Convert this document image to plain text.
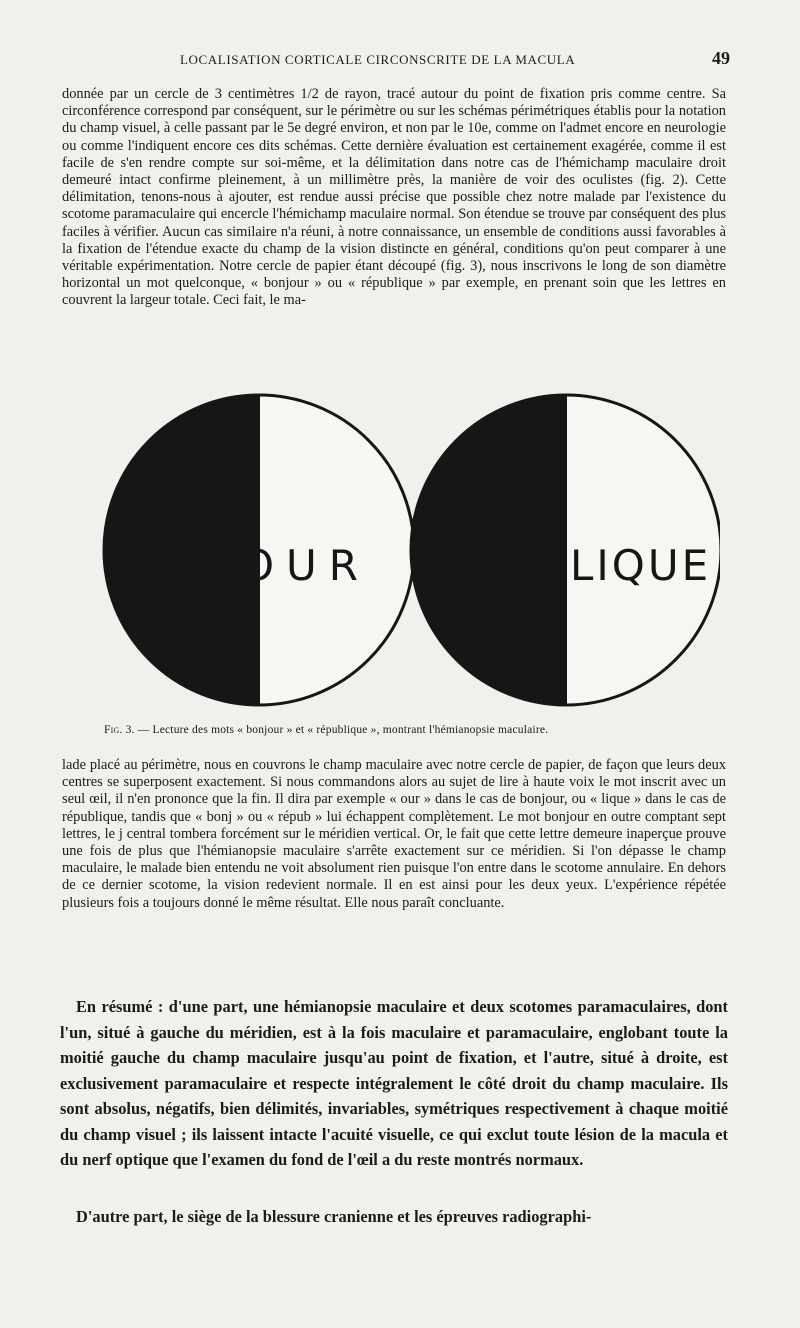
LOCALISATION CORTICALE CIRCONSCRITE DE LA MACULA	49

donnée par un cercle de 3 centimètres 1/2 de rayon, tracé autour du point de fixation pris comme centre. Sa circonférence correspond par conséquent, sur le périmètre ou sur les schémas périmétriques établis pour la notation du champ visuel, à celle passant par le 5e degré environ, et non par le 10e, comme on l'admet encore en neurologie ou comme l'indiquent encore ces dits schémas. Cette dernière évaluation est certainement exagérée, comme il est facile de s'en rendre compte sur soi-même, et la délimitation dans notre cas de l'hémichamp maculaire droit demeuré intact confirme pleinement, à un millimètre près, la manière de voir des oculistes (fig. 2). Cette délimitation, tenons-nous à ajouter, est rendue aussi précise que possible chez notre malade par l'existence du scotome paramaculaire qui encercle l'hémichamp maculaire normal. Son étendue se trouve par conséquent des plus faciles à vérifier. Aucun cas similaire n'a réuni, à notre connaissance, un ensemble de conditions aussi favorables à la fixation de l'étendue exacte du champ de la vision distincte en général, conditions qu'on peut comparer à une véritable expérimentation. Notre cercle de papier étant découpé (fig. 3), nous inscrivons le long de son diamètre horizontal un mot quelconque, « bonjour » ou « république » par exemple, en prenant soin que les lettres en couvrent la largeur totale. Ceci fait, le ma-

OUR	LIQUE
Fig. 3. — Lecture des mots « bonjour » et « république », montrant l'hémianopsie maculaire.

lade placé au périmètre, nous en couvrons le champ maculaire avec notre cercle de papier, de façon que leurs deux centres se superposent exactement. Si nous commandons alors au sujet de lire à haute voix le mot inscrit avec un seul œil, il n'en prononce que la fin. Il dira par exemple « our » dans le cas de bonjour, ou « lique » dans le cas de république, tandis que « bonj » ou « répub » lui échappent complètement. Le mot bonjour en outre comptant sept lettres, le j central tombera forcément sur le méridien vertical. Or, le fait que cette lettre demeure inaperçue prouve une fois de plus que l'hémianopsie maculaire s'arrête exactement sur ce méridien. Si l'on dépasse le champ maculaire, le malade bien entendu ne voit absolument rien puisque l'on entre dans le scotome annulaire. En dehors de ce dernier scotome, la vision redevient normale. Il en est ainsi pour les deux yeux. L'expérience répétée plusieurs fois a toujours donné le même résultat. Elle nous paraît concluante.

En résumé : d'une part, une hémianopsie maculaire et deux scotomes paramaculaires, dont l'un, situé à gauche du méridien, est à la fois maculaire et paramaculaire, englobant toute la moitié gauche du champ maculaire jusqu'au point de fixation, et l'autre, situé à droite, est exclusivement paramaculaire et respecte intégralement le côté droit du champ maculaire. Ils sont absolus, négatifs, bien délimités, invariables, symétriques respectivement à chaque moitié du champ visuel ; ils laissent intacte l'acuité visuelle, ce qui exclut toute lésion de la macula et du nerf optique que l'examen du fond de l'œil a du reste montrés normaux.

D'autre part, le siège de la blessure cranienne et les épreuves radiographi-
